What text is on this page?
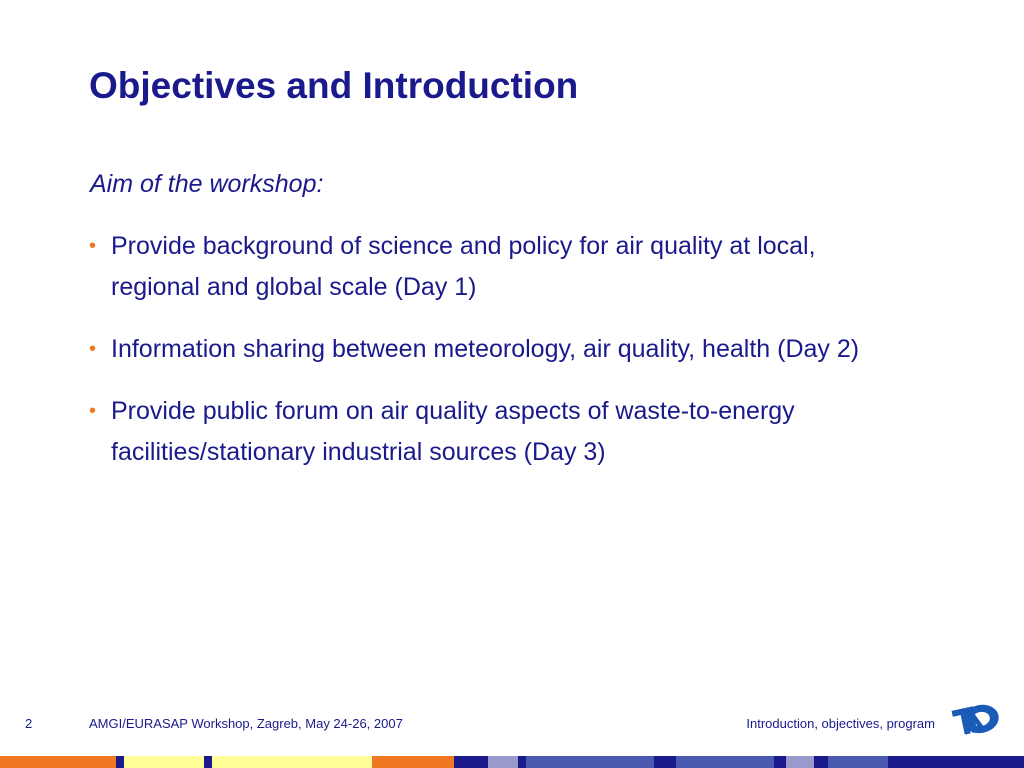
Objectives and Introduction
Aim of the workshop:
• Provide background of science and policy for air quality at local,
regional and global scale (Day 1)
• Information sharing between meteorology, air quality, health (Day 2)
• Provide public forum on air quality aspects of waste-to-energy
facilities/stationary industrial sources (Day 3)
2	AMGI/EURASAP Workshop, Zagreb, May 24-26, 2007	Introduction, objectives, program
